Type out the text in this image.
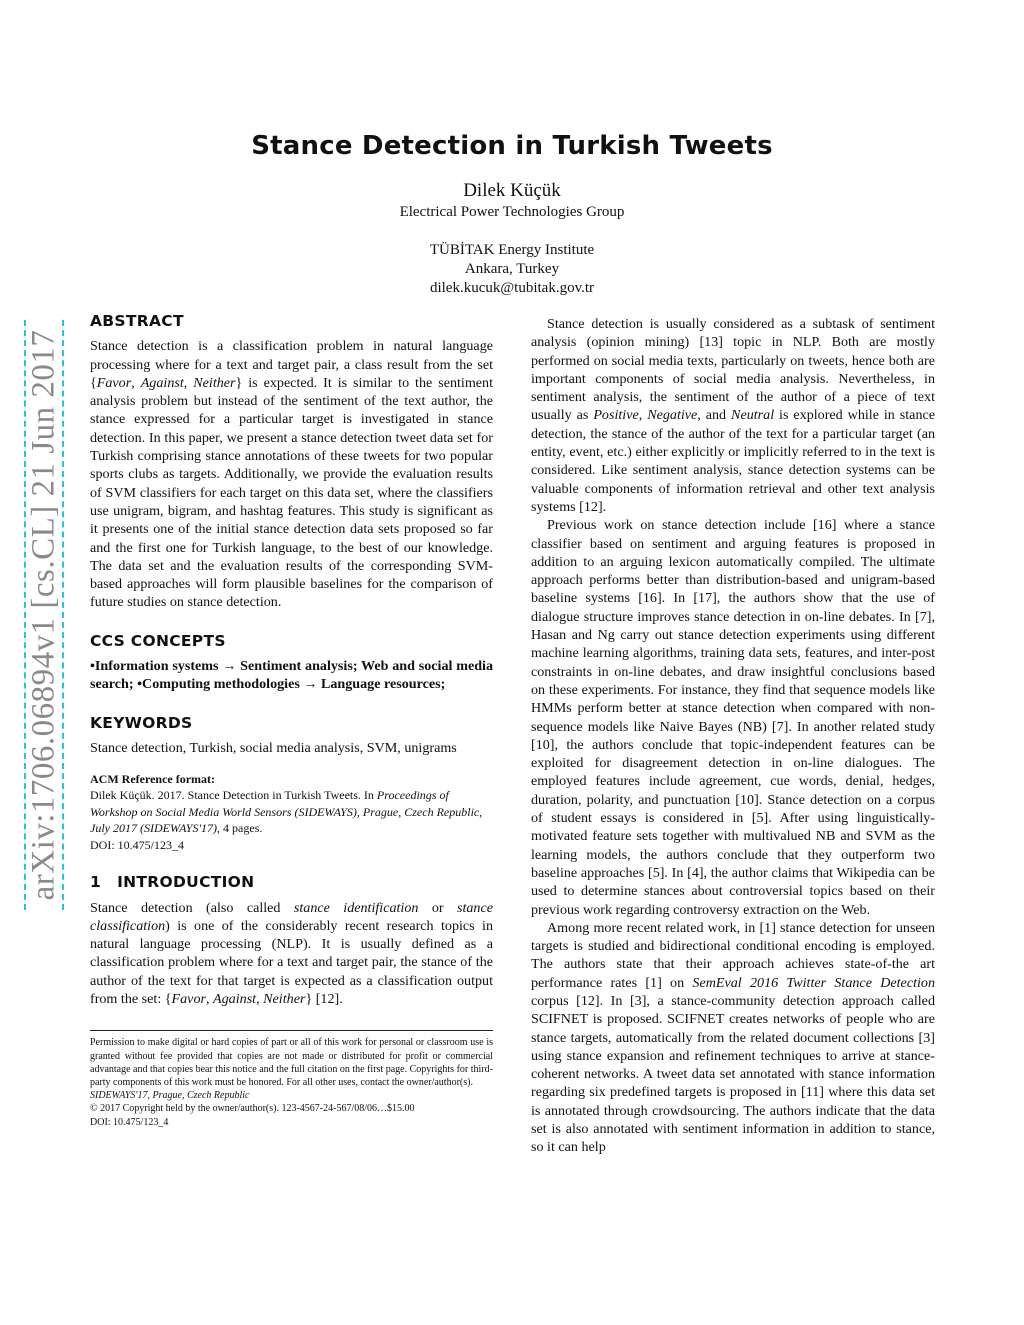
Stance Detection in Turkish Tweets
Dilek Küçük
Electrical Power Technologies Group
TÜBİTAK Energy Institute
Ankara, Turkey
dilek.kucuk@tubitak.gov.tr
arXiv:1706.06894v1 [cs.CL] 21 Jun 2017
ABSTRACT

Stance detection is a classification problem in natural language processing where for a text and target pair, a class result from the set {Favor, Against, Neither} is expected. It is similar to the sentiment analysis problem but instead of the sentiment of the text author, the stance expressed for a particular target is investigated in stance detection. In this paper, we present a stance detection tweet data set for Turkish comprising stance annotations of these tweets for two popular sports clubs as targets. Additionally, we provide the evaluation results of SVM classifiers for each target on this data set, where the classifiers use unigram, bigram, and hashtag features. This study is significant as it presents one of the initial stance detection data sets proposed so far and the first one for Turkish language, to the best of our knowledge. The data set and the evaluation results of the corresponding SVM-based approaches will form plausible baselines for the comparison of future studies on stance detection.

CCS CONCEPTS

•Information systems → Sentiment analysis; Web and social media search; •Computing methodologies → Language resources;

KEYWORDS

Stance detection, Turkish, social media analysis, SVM, unigrams

ACM Reference format:

Dilek Küçük. 2017. Stance Detection in Turkish Tweets. In Proceedings of Workshop on Social Media World Sensors (SIDEWAYS), Prague, Czech Republic, July 2017 (SIDEWAYS'17), 4 pages.

DOI: 10.475/123_4

1 INTRODUCTION

Stance detection (also called stance identification or stance classification) is one of the considerably recent research topics in natural language processing (NLP). It is usually defined as a classification problem where for a text and target pair, the stance of the author of the text for that target is expected as a classification output from the set: {Favor, Against, Neither} [12].

Permission to make digital or hard copies of part or all of this work for personal or classroom use is granted without fee provided that copies are not made or distributed for profit or commercial advantage and that copies bear this notice and the full citation on the first page. Copyrights for third-party components of this work must be honored. For all other uses, contact the owner/author(s).

SIDEWAYS'17, Prague, Czech Republic

© 2017 Copyright held by the owner/author(s). 123-4567-24-567/08/06…$15.00

DOI: 10.475/123_4

Stance detection is usually considered as a subtask of sentiment analysis (opinion mining) [13] topic in NLP. Both are mostly performed on social media texts, particularly on tweets, hence both are important components of social media analysis. Nevertheless, in sentiment analysis, the sentiment of the author of a piece of text usually as Positive, Negative, and Neutral is explored while in stance detection, the stance of the author of the text for a particular target (an entity, event, etc.) either explicitly or implicitly referred to in the text is considered. Like sentiment analysis, stance detection systems can be valuable components of information retrieval and other text analysis systems [12].

Previous work on stance detection include [16] where a stance classifier based on sentiment and arguing features is proposed in addition to an arguing lexicon automatically compiled. The ultimate approach performs better than distribution-based and unigram-based baseline systems [16]. In [17], the authors show that the use of dialogue structure improves stance detection in on-line debates. In [7], Hasan and Ng carry out stance detection experiments using different machine learning algorithms, training data sets, features, and inter-post constraints in on-line debates, and draw insightful conclusions based on these experiments. For instance, they find that sequence models like HMMs perform better at stance detection when compared with non-sequence models like Naive Bayes (NB) [7]. In another related study [10], the authors conclude that topic-independent features can be exploited for disagreement detection in on-line dialogues. The employed features include agreement, cue words, denial, hedges, duration, polarity, and punctuation [10]. Stance detection on a corpus of student essays is considered in [5]. After using linguistically-motivated feature sets together with multivalued NB and SVM as the learning models, the authors conclude that they outperform two baseline approaches [5]. In [4], the author claims that Wikipedia can be used to determine stances about controversial topics based on their previous work regarding controversy extraction on the Web.

Among more recent related work, in [1] stance detection for unseen targets is studied and bidirectional conditional encoding is employed. The authors state that their approach achieves state-of-the art performance rates [1] on SemEval 2016 Twitter Stance Detection corpus [12]. In [3], a stance-community detection approach called SCIFNET is proposed. SCIFNET creates networks of people who are stance targets, automatically from the related document collections [3] using stance expansion and refinement techniques to arrive at stance-coherent networks. A tweet data set annotated with stance information regarding six predefined targets is proposed in [11] where this data set is annotated through crowdsourcing. The authors indicate that the data set is also annotated with sentiment information in addition to stance, so it can help
